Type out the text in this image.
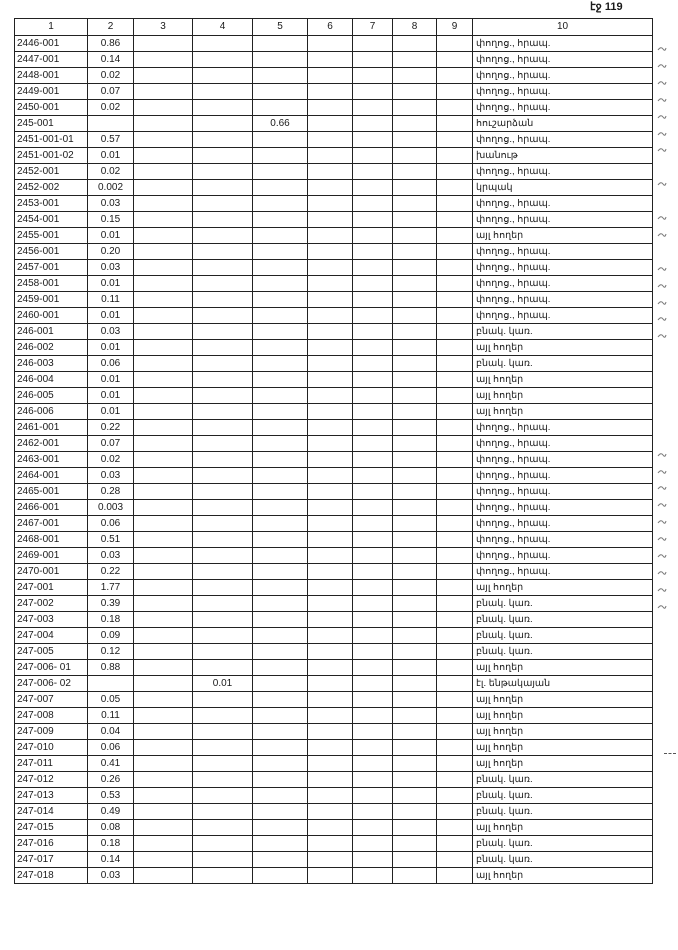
էջ 119
1	2	3	4	5	6	7	8	9	10
2446-001	0.86								փողոց., հրապ.
2447-001	0.14								փողոց., հրապ.
2448-001	0.02								փողոց., հրապ.
2449-001	0.07								փողոց., հրապ.
2450-001	0.02								փողոց., հրապ.
245-001				0.66					հուշարձան
2451-001-01	0.57								փողոց., հրապ.
2451-001-02	0.01								խանութ
2452-001	0.02								փողոց., հրապ.
2452-002	0.002								կրպակ
2453-001	0.03								փողոց., հրապ.
2454-001	0.15								փողոց., հրապ.
2455-001	0.01								այլ հողեր
2456-001	0.20								փողոց., հրապ.
2457-001	0.03								փողոց., հրապ.
2458-001	0.01								փողոց., հրապ.
2459-001	0.11								փողոց., հրապ.
2460-001	0.01								փողոց., հրապ.
246-001	0.03								բնակ. կառ.
246-002	0.01								այլ հողեր
246-003	0.06								բնակ. կառ.
246-004	0.01								այլ հողեր
246-005	0.01								այլ հողեր
246-006	0.01								այլ հողեր
2461-001	0.22								փողոց., հրապ.
2462-001	0.07								փողոց., հրապ.
2463-001	0.02								փողոց., հրապ.
2464-001	0.03								փողոց., հրապ.
2465-001	0.28								փողոց., հրապ.
2466-001	0.003								փողոց., հրապ.
2467-001	0.06								փողոց., հրապ.
2468-001	0.51								փողոց., հրապ.
2469-001	0.03								փողոց., հրապ.
2470-001	0.22								փողոց., հրապ.
247-001	1.77								այլ հողեր
247-002	0.39								բնակ. կառ.
247-003	0.18								բնակ. կառ.
247-004	0.09								բնակ. կառ.
247-005	0.12								բնակ. կառ.
247-006- 01	0.88								այլ հողեր
247-006- 02			0.01						էլ. ենթակայան
247-007	0.05								այլ հողեր
247-008	0.11								այլ հողեր
247-009	0.04								այլ հողեր
247-010	0.06								այլ հողեր
247-011	0.41								այլ հողեր
247-012	0.26								բնակ. կառ.
247-013	0.53								բնակ. կառ.
247-014	0.49								բնակ. կառ.
247-015	0.08								այլ հողեր
247-016	0.18								բնակ. կառ.
247-017	0.14								բնակ. կառ.
247-018	0.03								այլ հողեր
